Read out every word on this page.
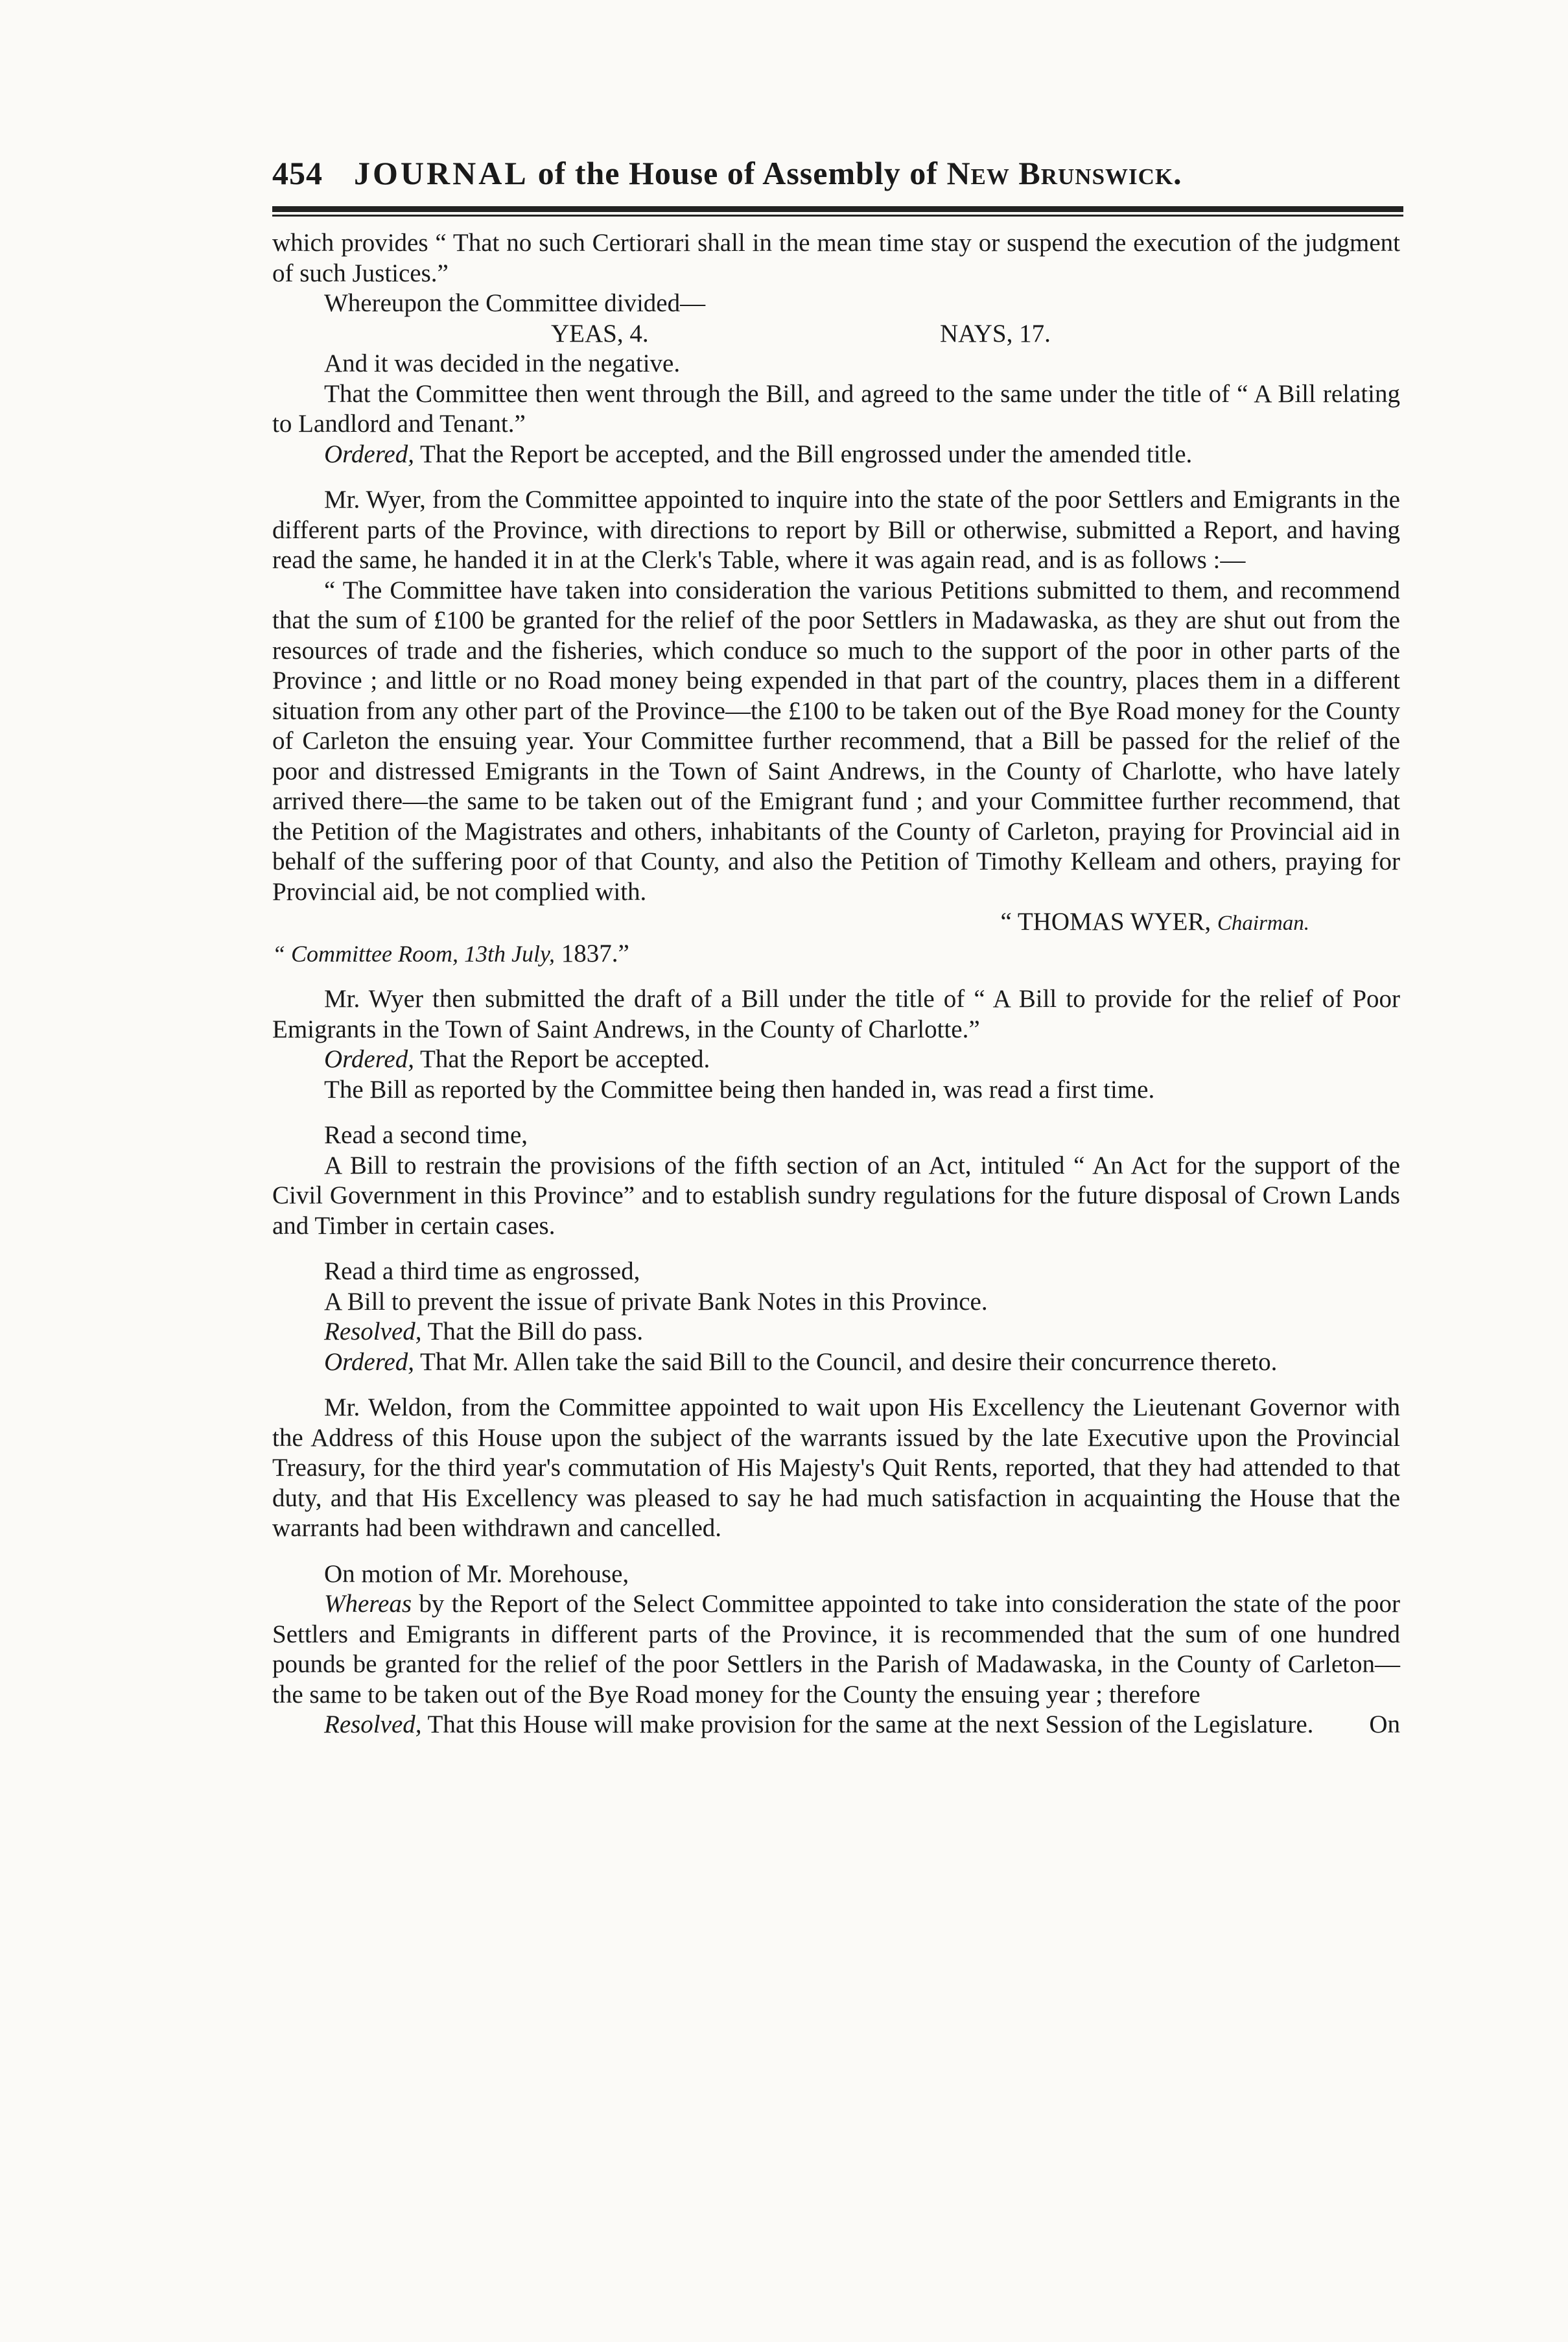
454 JOURNAL of the House of Assembly of
New Brunswick.

which provides “ That no such Certiorari shall in the mean time stay or suspend the execution of the judgment of such Justices.”

Whereupon the Committee divided—

YEAS, 4.	NAYS, 17.

And it was decided in the negative.

That the Committee then went through the Bill, and agreed to the same under the title of “ A Bill relating to Landlord and Tenant.”

Ordered, That the Report be accepted, and the Bill engrossed under the amended title.

Mr. Wyer, from the Committee appointed to inquire into the state of the poor Settlers and Emigrants in the different parts of the Province, with directions to report by Bill or otherwise, submitted a Report, and having read the same, he handed it in at the Clerk's Table, where it was again read, and is as follows :—

“ The Committee have taken into consideration the various Petitions submitted to them, and recommend that the sum of £100 be granted for the relief of the poor Settlers in Madawaska, as they are shut out from the resources of trade and the fisheries, which conduce so much to the support of the poor in other parts of the Province ; and little or no Road money being expended in that part of the country, places them in a different situation from any other part of the Province—the £100 to be taken out of the Bye Road money for the County of Carleton the ensuing year. Your Committee further recommend, that a Bill be passed for the relief of the poor and distressed Emigrants in the Town of Saint Andrews, in the County of Charlotte, who have lately arrived there—the same to be taken out of the Emigrant fund ; and your Committee further recommend, that the Petition of the Magistrates and others, inhabitants of the County of Carleton, praying for Provincial aid in behalf of the suffering poor of that County, and also the Petition of Timothy Kelleam and others, praying for Provincial aid, be not complied with.

“ THOMAS WYER, Chairman.

“ Committee Room, 13th July, 1837.”

Mr. Wyer then submitted the draft of a Bill under the title of “ A Bill to provide for the relief of Poor Emigrants in the Town of Saint Andrews, in the County of Charlotte.”

Ordered, That the Report be accepted.

The Bill as reported by the Committee being then handed in, was read a first time.

Read a second time,

A Bill to restrain the provisions of the fifth section of an Act, intituled “ An Act for the support of the Civil Government in this Province” and to establish sundry regulations for the future disposal of Crown Lands and Timber in certain cases.

Read a third time as engrossed,

A Bill to prevent the issue of private Bank Notes in this Province.

Resolved, That the Bill do pass.

Ordered, That Mr. Allen take the said Bill to the Council, and desire their concurrence thereto.

Mr. Weldon, from the Committee appointed to wait upon His Excellency the Lieutenant Governor with the Address of this House upon the subject of the warrants issued by the late Executive upon the Provincial Treasury, for the third year's commutation of His Majesty's Quit Rents, reported, that they had attended to that duty, and that His Excellency was pleased to say he had much satisfaction in acquainting the House that the warrants had been withdrawn and cancelled.

On motion of Mr. Morehouse,

Whereas by the Report of the Select Committee appointed to take into consideration the state of the poor Settlers and Emigrants in different parts of the Province, it is recommended that the sum of one hundred pounds be granted for the relief of the poor Settlers in the Parish of Madawaska, in the County of Carleton—the same to be taken out of the Bye Road money for the County the ensuing year ; therefore

Resolved, That this House will make provision for the same at the next Session of the Legislature.	On
